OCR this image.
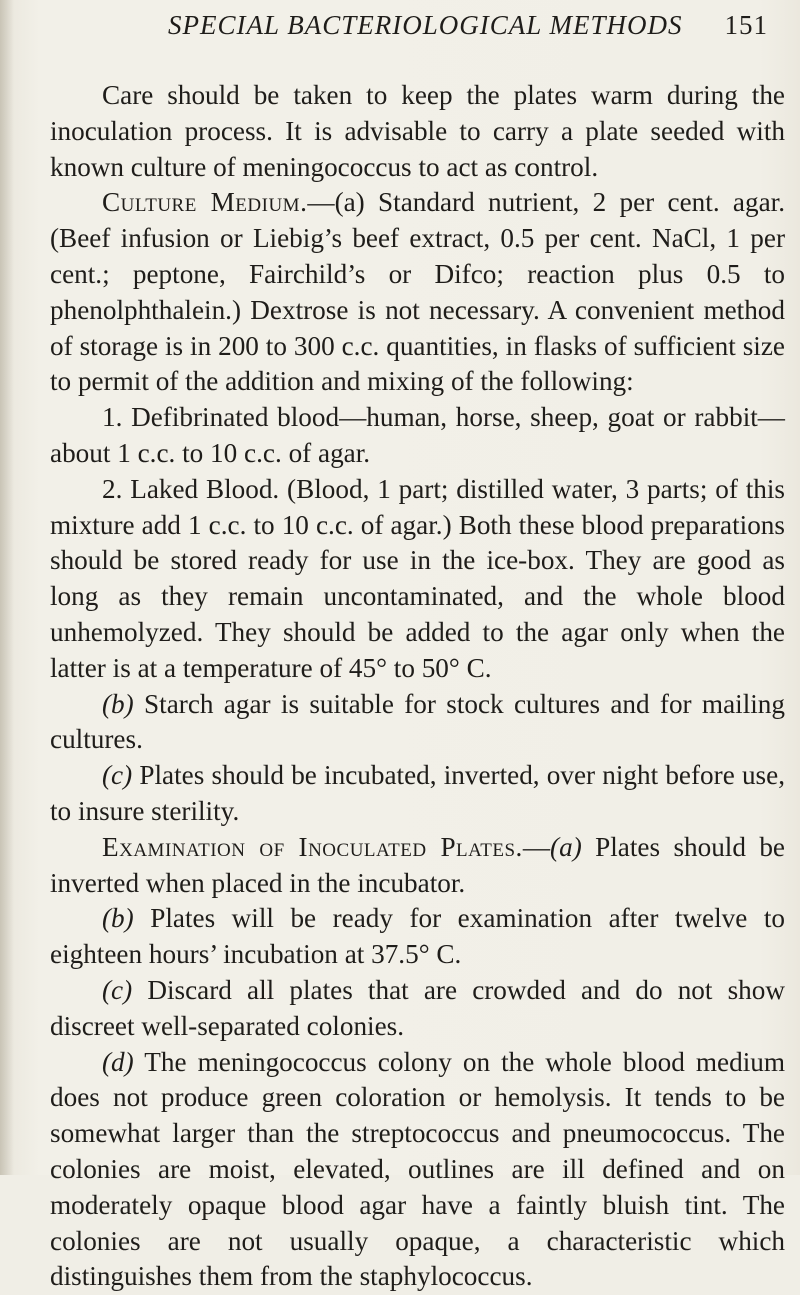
SPECIAL BACTERIOLOGICAL METHODS 151

Care should be taken to keep the plates warm during the inoculation process. It is advisable to carry a plate seeded with known culture of meningococcus to act as control.

Culture Medium.—(a) Standard nutrient, 2 per cent. agar. (Beef infusion or Liebig’s beef extract, 0.5 per cent. NaCl, 1 per cent.; peptone, Fairchild’s or Difco; reaction plus 0.5 to phenolphthalein.) Dextrose is not necessary. A convenient method of storage is in 200 to 300 c.c. quantities, in flasks of sufficient size to permit of the addition and mixing of the following:

1. Defibrinated blood—human, horse, sheep, goat or rabbit—about 1 c.c. to 10 c.c. of agar.

2. Laked Blood. (Blood, 1 part; distilled water, 3 parts; of this mixture add 1 c.c. to 10 c.c. of agar.) Both these blood preparations should be stored ready for use in the ice-box. They are good as long as they remain uncontaminated, and the whole blood unhemolyzed. They should be added to the agar only when the latter is at a temperature of 45° to 50° C.

(b) Starch agar is suitable for stock cultures and for mailing cultures.

(c) Plates should be incubated, inverted, over night before use, to insure sterility.

Examination of Inoculated Plates.—(a) Plates should be inverted when placed in the incubator.

(b) Plates will be ready for examination after twelve to eighteen hours’ incubation at 37.5° C.

(c) Discard all plates that are crowded and do not show discreet well-separated colonies.

(d) The meningococcus colony on the whole blood medium does not produce green coloration or hemolysis. It tends to be somewhat larger than the streptococcus and pneumococcus. The colonies are moist, elevated, outlines are ill defined and on moderately opaque blood agar have a faintly bluish tint. The colonies are not usually opaque, a characteristic which distinguishes them from the staphylococcus.
